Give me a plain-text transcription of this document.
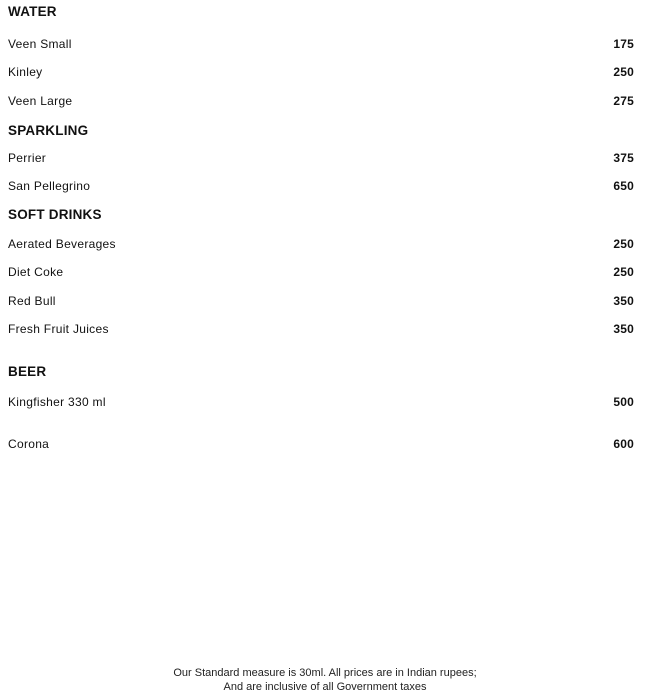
WATER
Veen Small	175
Kinley	250
Veen Large	275
SPARKLING
Perrier	375
San Pellegrino	650
SOFT DRINKS
Aerated Beverages	250
Diet Coke	250
Red Bull	350
Fresh Fruit Juices	350
BEER
Kingfisher 330 ml	500
Corona	600
Our Standard measure is 30ml. All prices are in Indian rupees;
And are inclusive of all Government taxes
